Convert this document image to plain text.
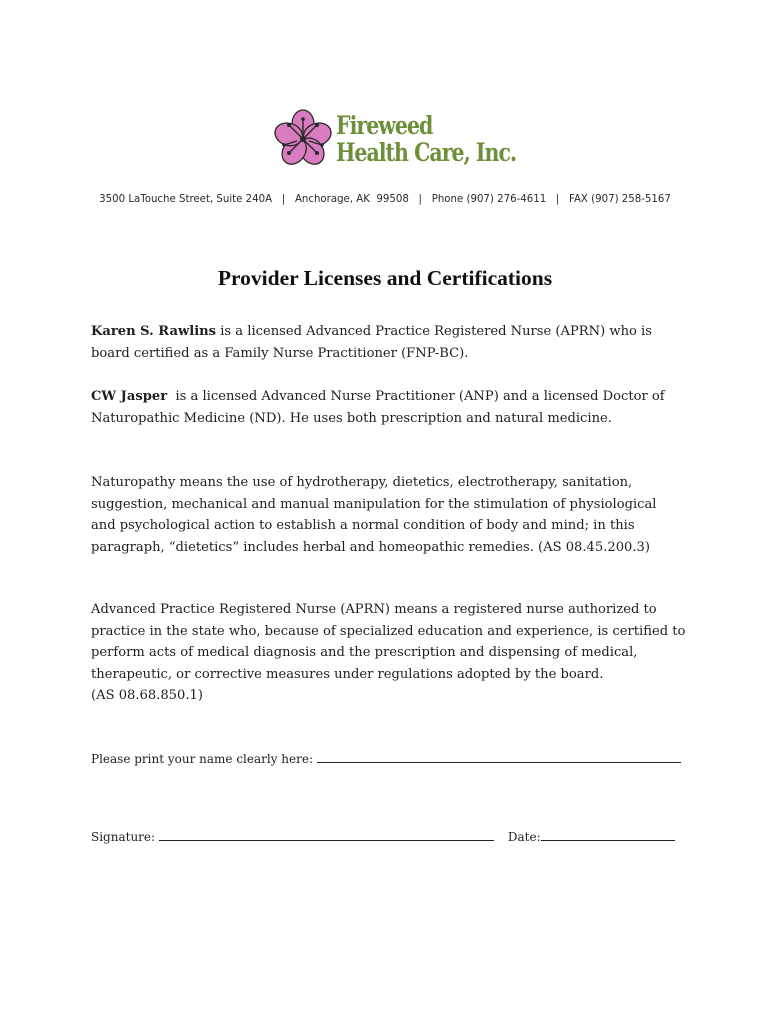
Fireweed
Health Care, Inc.
3500 LaTouche Street, Suite 240A   |   Anchorage, AK  99508   |   Phone (907) 276-4611   |   FAX (907) 258-5167
Provider Licenses and Certifications
Karen S. Rawlins is a licensed Advanced Practice Registered Nurse (APRN) who is
board certified as a Family Nurse Practitioner (FNP-BC).
CW Jasper  is a licensed Advanced Nurse Practitioner (ANP) and a licensed Doctor of
Naturopathic Medicine (ND). He uses both prescription and natural medicine.
Naturopathy means the use of hydrotherapy, dietetics, electrotherapy, sanitation,
suggestion, mechanical and manual manipulation for the stimulation of physiological
and psychological action to establish a normal condition of body and mind; in this
paragraph, “dietetics” includes herbal and homeopathic remedies. (AS 08.45.200.3)
Advanced Practice Registered Nurse (APRN) means a registered nurse authorized to
practice in the state who, because of specialized education and experience, is certified to
perform acts of medical diagnosis and the prescription and dispensing of medical,
therapeutic, or corrective measures under regulations adopted by the board.
(AS 08.68.850.1)
Please print your name clearly here:
Signature:	Date:
